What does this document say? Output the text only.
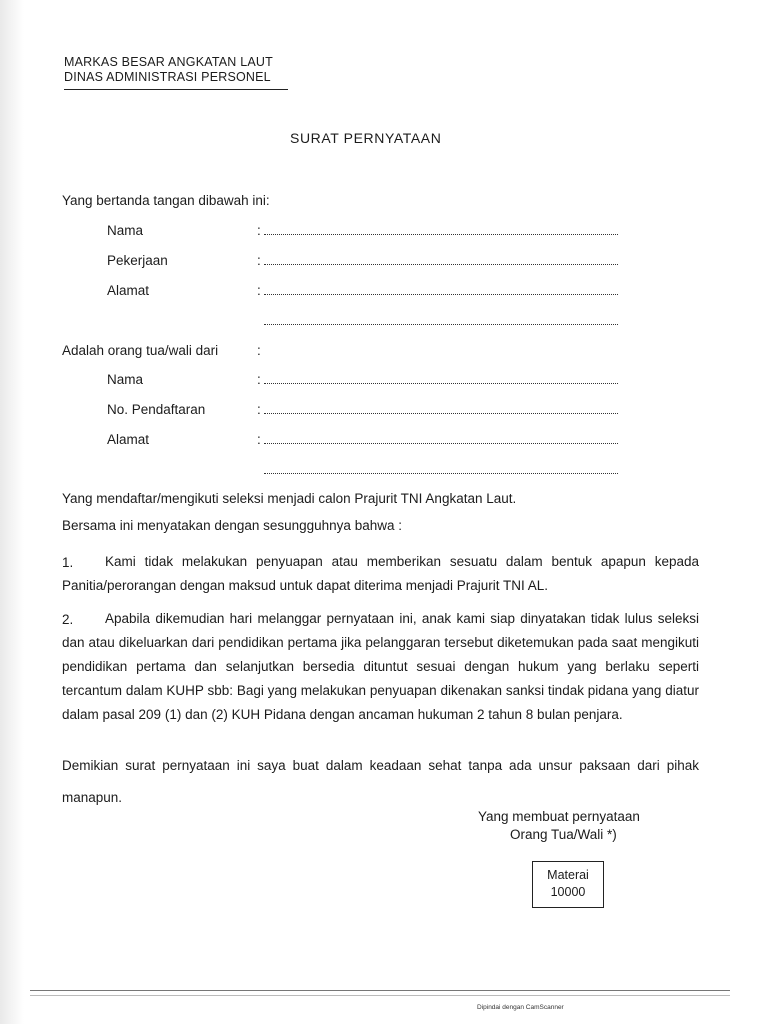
MARKAS BESAR ANGKATAN LAUT
DINAS ADMINISTRASI PERSONEL
SURAT PERNYATAAN
Yang bertanda tangan dibawah ini:
Nama	:
Pekerjaan	:
Alamat	:
Adalah orang tua/wali dari	:
Nama	:
No. Pendaftaran	:
Alamat	:
Yang mendaftar/mengikuti seleksi menjadi calon Prajurit TNI Angkatan Laut.
Bersama ini menyatakan dengan sesungguhnya bahwa :
1.	Kami tidak melakukan penyuapan atau memberikan sesuatu dalam bentuk apapun kepada Panitia/perorangan dengan maksud untuk dapat diterima menjadi Prajurit TNI AL.
2.	Apabila dikemudian hari melanggar pernyataan ini, anak kami siap dinyatakan tidak lulus seleksi dan atau dikeluarkan dari pendidikan pertama jika pelanggaran tersebut diketemukan pada saat mengikuti pendidikan pertama dan selanjutkan bersedia dituntut sesuai dengan hukum yang berlaku seperti tercantum dalam KUHP sbb: Bagi yang melakukan penyuapan dikenakan sanksi tindak pidana yang diatur dalam pasal 209 (1) dan (2) KUH Pidana dengan ancaman hukuman 2 tahun 8 bulan penjara.
Demikian surat pernyataan ini saya buat dalam keadaan sehat tanpa ada unsur paksaan dari pihak manapun.
Yang membuat pernyataan
Orang Tua/Wali *)
Materai
10000
Dipindai dengan CamScanner
